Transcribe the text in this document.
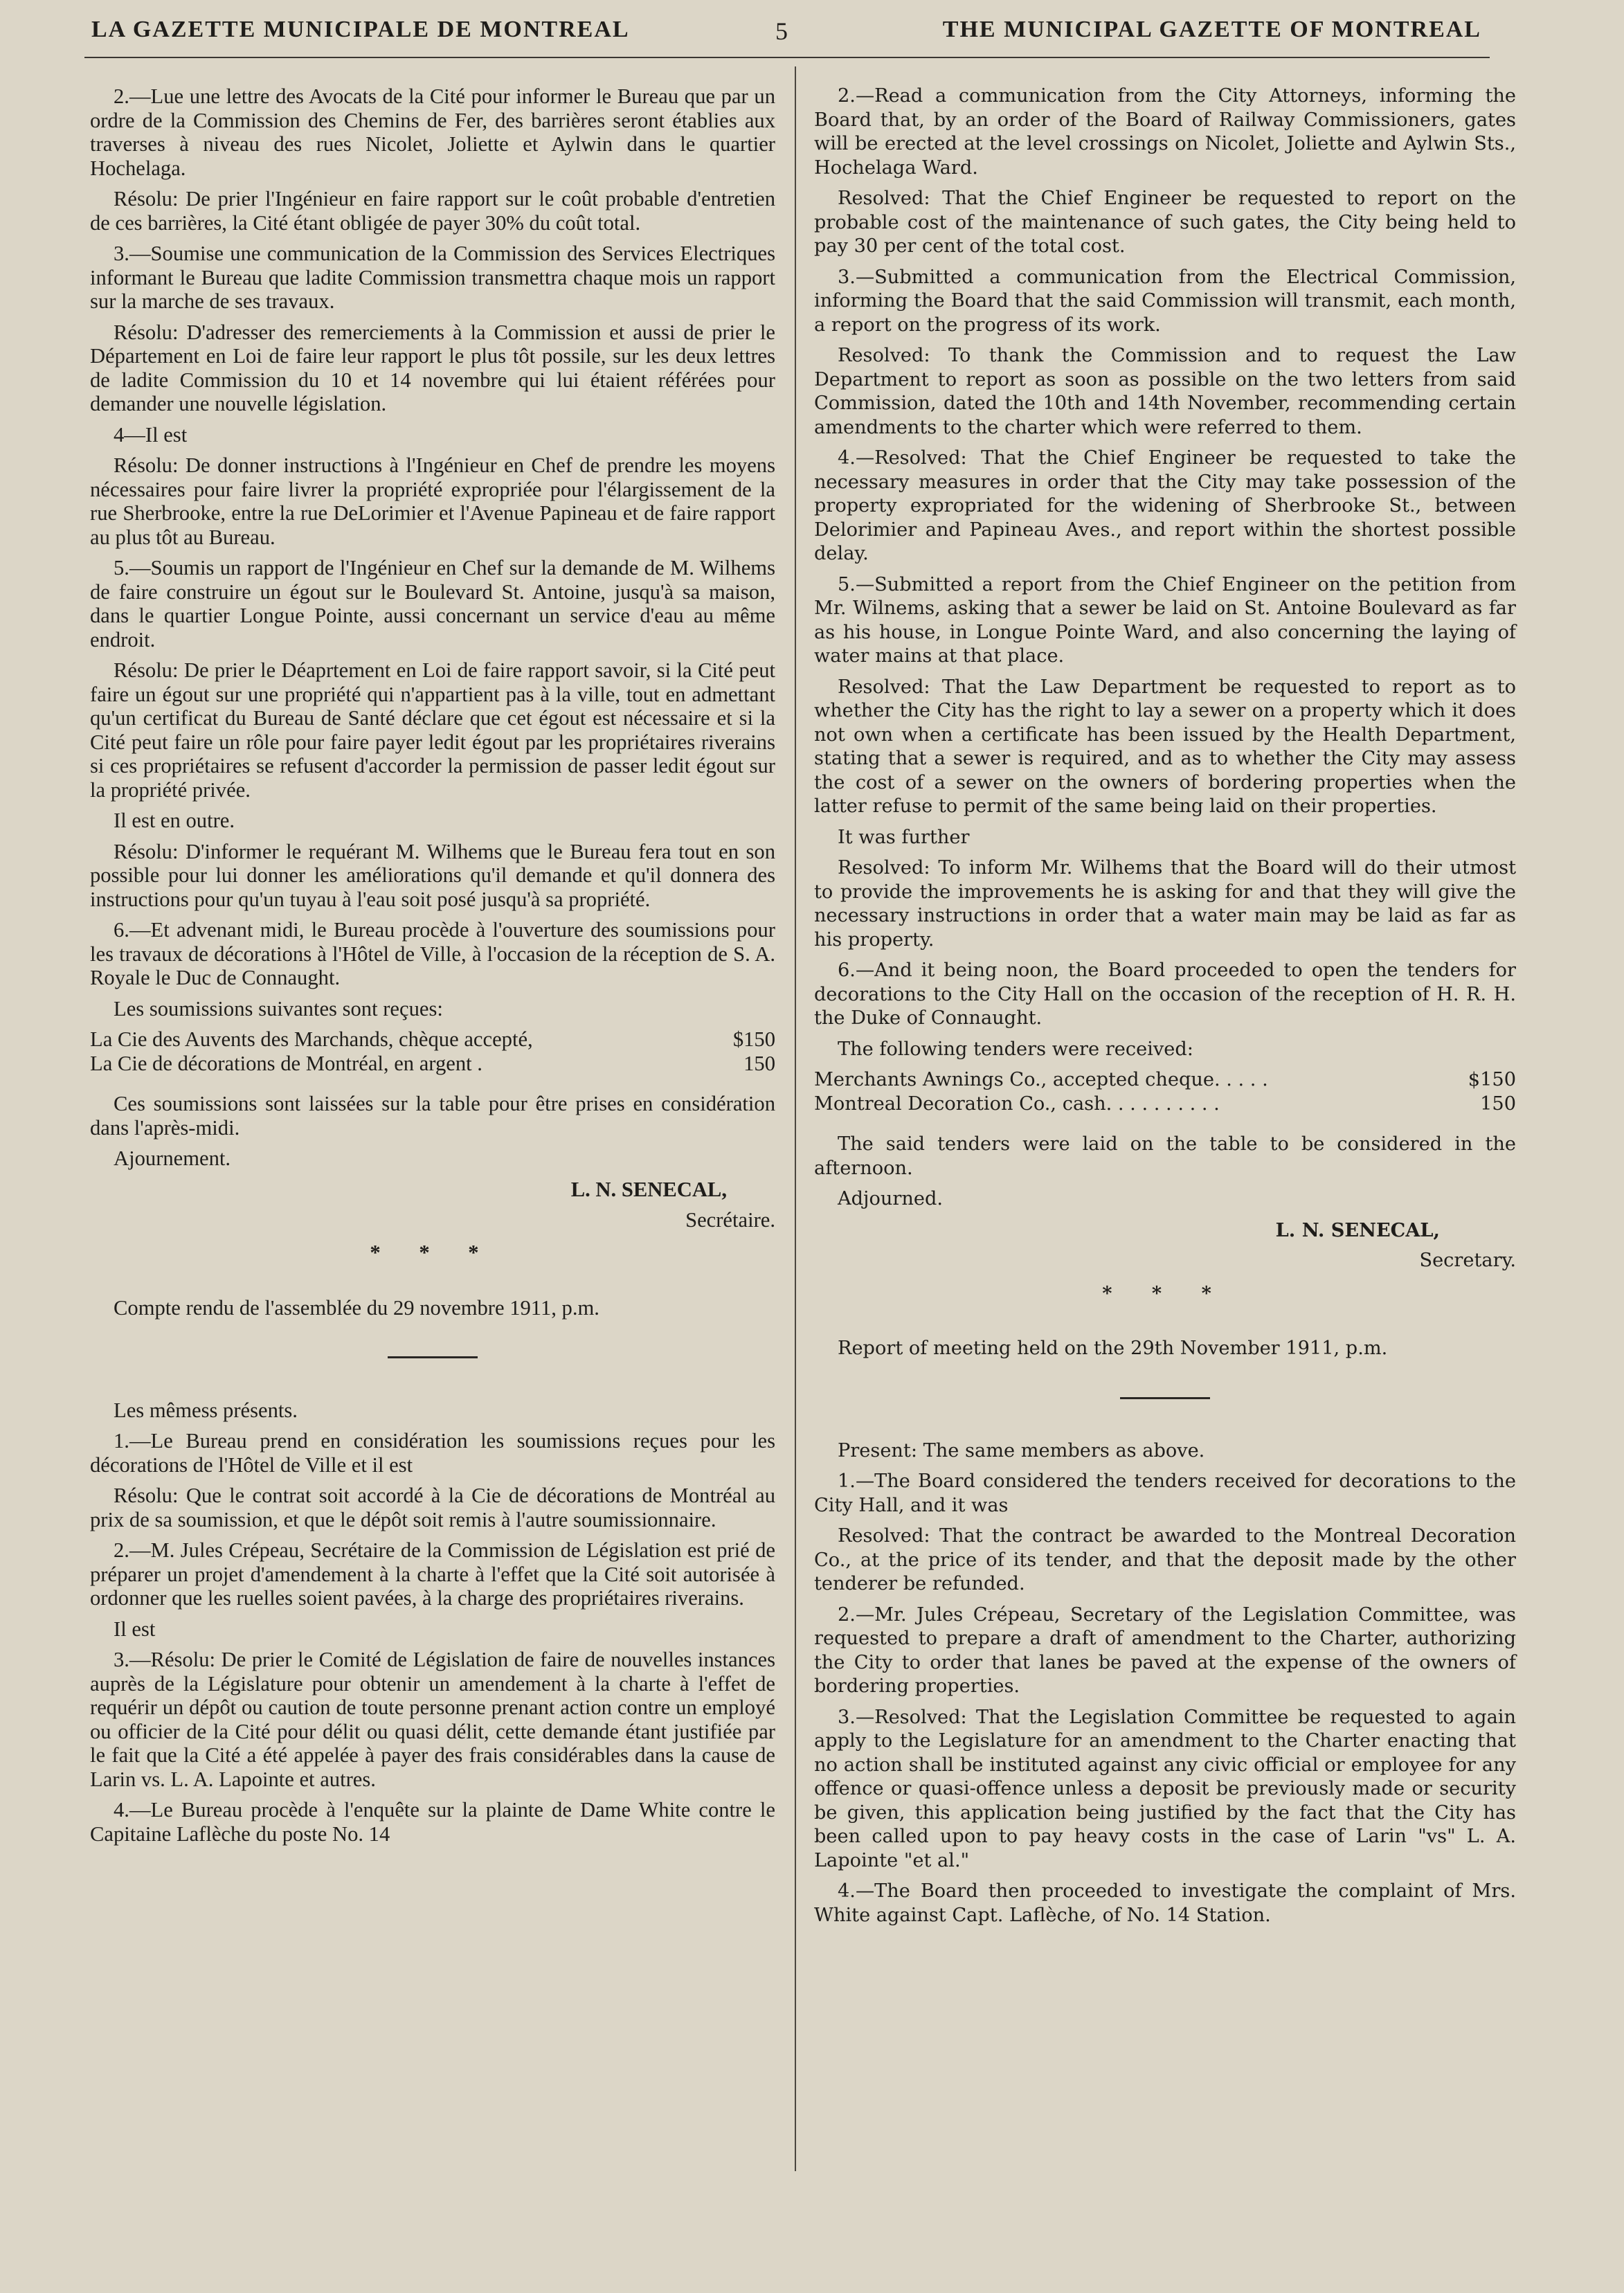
LA GAZETTE MUNICIPALE DE MONTREAL	5	THE MUNICIPAL GAZETTE OF MONTREAL

2.—Lue une lettre des Avocats de la Cité pour informer le Bureau que par un ordre de la Commission des Chemins de Fer, des barrières seront établies aux traverses à niveau des rues Nicolet, Joliette et Aylwin dans le quartier Hochelaga.

Résolu: De prier l'Ingénieur en faire rapport sur le coût probable d'entretien de ces barrières, la Cité étant obligée de payer 30% du coût total.

3.—Soumise une communication de la Commission des Services Electriques informant le Bureau que ladite Commission transmettra chaque mois un rapport sur la marche de ses travaux.

Résolu: D'adresser des remerciements à la Commission et aussi de prier le Département en Loi de faire leur rapport le plus tôt possile, sur les deux lettres de ladite Commission du 10 et 14 novembre qui lui étaient référées pour demander une nouvelle législation.

4—Il est

Résolu: De donner instructions à l'Ingénieur en Chef de prendre les moyens nécessaires pour faire livrer la propriété expropriée pour l'élargissement de la rue Sherbrooke, entre la rue DeLorimier et l'Avenue Papineau et de faire rapport au plus tôt au Bureau.

5.—Soumis un rapport de l'Ingénieur en Chef sur la demande de M. Wilhems de faire construire un égout sur le Boulevard St. Antoine, jusqu'à sa maison, dans le quartier Longue Pointe, aussi concernant un service d'eau au même endroit.

Résolu: De prier le Déaprtement en Loi de faire rapport savoir, si la Cité peut faire un égout sur une propriété qui n'appartient pas à la ville, tout en admettant qu'un certificat du Bureau de Santé déclare que cet égout est nécessaire et si la Cité peut faire un rôle pour faire payer ledit égout par les propriétaires riverains si ces propriétaires se refusent d'accorder la permission de passer ledit égout sur la propriété privée.

Il est en outre.

Résolu: D'informer le requérant M. Wilhems que le Bureau fera tout en son possible pour lui donner les améliorations qu'il demande et qu'il donnera des instructions pour qu'un tuyau à l'eau soit posé jusqu'à sa propriété.

6.—Et advenant midi, le Bureau procède à l'ouverture des soumissions pour les travaux de décorations à l'Hôtel de Ville, à l'occasion de la réception de S. A. Royale le Duc de Connaught.

Les soumissions suivantes sont reçues:

La Cie des Auvents des Marchands, chèque accepté,	$150
La Cie de décorations de Montréal, en argent .	150

Ces soumissions sont laissées sur la table pour être prises en considération dans l'après-midi.

Ajournement.

L. N. SENECAL,

Secrétaire.

* * *

Compte rendu de l'assemblée du 29 novembre 1911, p.m.

Les mêmess présents.

1.—Le Bureau prend en considération les soumissions reçues pour les décorations de l'Hôtel de Ville et il est

Résolu: Que le contrat soit accordé à la Cie de décorations de Montréal au prix de sa soumission, et que le dépôt soit remis à l'autre soumissionnaire.

2.—M. Jules Crépeau, Secrétaire de la Commission de Législation est prié de préparer un projet d'amendement à la charte à l'effet que la Cité soit autorisée à ordonner que les ruelles soient pavées, à la charge des propriétaires riverains.

Il est

3.—Résolu: De prier le Comité de Législation de faire de nouvelles instances auprès de la Législature pour obtenir un amendement à la charte à l'effet de requérir un dépôt ou caution de toute personne prenant action contre un employé ou officier de la Cité pour délit ou quasi délit, cette demande étant justifiée par le fait que la Cité a été appelée à payer des frais considérables dans la cause de Larin vs. L. A. Lapointe et autres.

4.—Le Bureau procède à l'enquête sur la plainte de Dame White contre le Capitaine Laflèche du poste No. 14

2.—Read a communication from the City Attorneys, informing the Board that, by an order of the Board of Railway Commissioners, gates will be erected at the level crossings on Nicolet, Joliette and Aylwin Sts., Hochelaga Ward.

Resolved: That the Chief Engineer be requested to report on the probable cost of the maintenance of such gates, the City being held to pay 30 per cent of the total cost.

3.—Submitted a communication from the Electrical Commission, informing the Board that the said Commission will transmit, each month, a report on the progress of its work.

Resolved: To thank the Commission and to request the Law Department to report as soon as possible on the two letters from said Commission, dated the 10th and 14th November, recommending certain amendments to the charter which were referred to them.

4.—Resolved: That the Chief Engineer be requested to take the necessary measures in order that the City may take possession of the property expropriated for the widening of Sherbrooke St., between Delorimier and Papineau Aves., and report within the shortest possible delay.

5.—Submitted a report from the Chief Engineer on the petition from Mr. Wilnems, asking that a sewer be laid on St. Antoine Boulevard as far as his house, in Longue Pointe Ward, and also concerning the laying of water mains at that place.

Resolved: That the Law Department be requested to report as to whether the City has the right to lay a sewer on a property which it does not own when a certificate has been issued by the Health Department, stating that a sewer is required, and as to whether the City may assess the cost of a sewer on the owners of bordering properties when the latter refuse to permit of the same being laid on their properties.

It was further

Resolved: To inform Mr. Wilhems that the Board will do their utmost to provide the improvements he is asking for and that they will give the necessary instructions in order that a water main may be laid as far as his property.

6.—And it being noon, the Board proceeded to open the tenders for decorations to the City Hall on the occasion of the reception of H. R. H. the Duke of Connaught.

The following tenders were received:

Merchants Awnings Co., accepted cheque. . . . .	$150
Montreal Decoration Co., cash. . . . . . . . . .	150

The said tenders were laid on the table to be considered in the afternoon.

Adjourned.

L. N. SENECAL,

Secretary.

* * *

Report of meeting held on the 29th November 1911, p.m.

Present: The same members as above.

1.—The Board considered the tenders received for decorations to the City Hall, and it was

Resolved: That the contract be awarded to the Montreal Decoration Co., at the price of its tender, and that the deposit made by the other tenderer be refunded.

2.—Mr. Jules Crépeau, Secretary of the Legislation Committee, was requested to prepare a draft of amendment to the Charter, authorizing the City to order that lanes be paved at the expense of the owners of bordering properties.

3.—Resolved: That the Legislation Committee be requested to again apply to the Legislature for an amendment to the Charter enacting that no action shall be instituted against any civic official or employee for any offence or quasi-offence unless a deposit be previously made or security be given, this application being justified by the fact that the City has been called upon to pay heavy costs in the case of Larin "vs" L. A. Lapointe "et al."

4.—The Board then proceeded to investigate the complaint of Mrs. White against Capt. Laflèche, of No. 14 Station.
